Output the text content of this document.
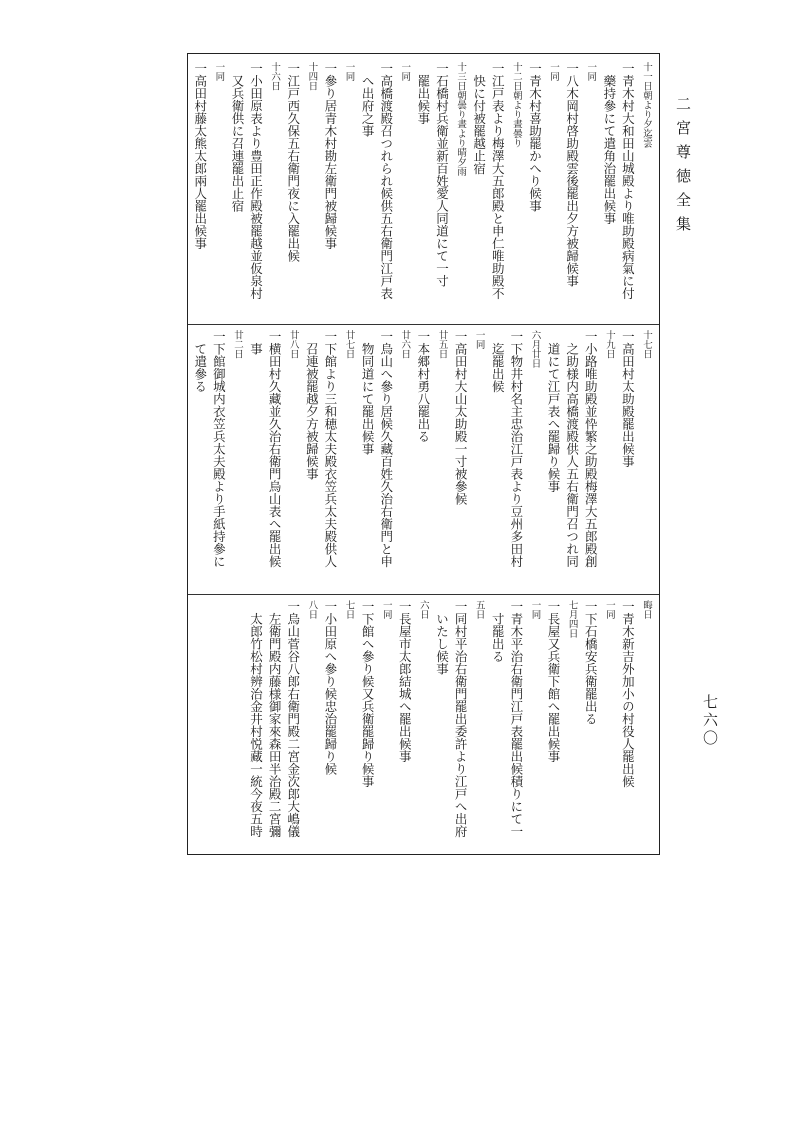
二宮尊徳全集
七六〇
十一日朝より夕迄雲
一青木村大和田山城殿より唯助殿病氣に付
　藥持參にて遣角治罷出候事
一同
一八木岡村啓助殿雲後罷出夕方被歸候事
一同
一青木村喜助罷かへり候事
十二日朝より晝曇り
一江戸表より梅澤大五郎殿と申仁唯助殿不
　快に付被罷越止宿
十三日朝曇り晝より晴夕雨
一石橋村兵衛並新百姓愛人同道にて一寸
　罷出候事
一同
一高橋渡殿召つれられ候供五右衛門江戸表
　へ出府之事
一同
一參り居青木村勘左衛門被歸候事
十四日
一江戸西久保五右衛門夜に入罷出候
十六日
一小田原表より豊田正作殿被罷越並仮泉村
　又兵衛供に召連罷出止宿
一同
一高田村藤太熊太郎兩人罷出候事
十七日
一高田村太助殿罷出候事
十九日
一小路唯助殿並忰繁之助殿梅澤大五郎殿創
　之助様内高橋渡殿供人五右衛門召つれ同
　道にて江戸表へ罷歸り候事
六月廿日
一下物井村名主忠治江戸表より豆州多田村
　迄罷出候
一同
一高田村大山太助殿一寸被參候
廿五日
一本郷村勇八罷出る
廿六日
一烏山へ參り居候久藏百姓久治右衛門と申
　物同道にて罷出候事
廿七日
一下館より三和穂太夫殿衣笠兵太夫殿供人
　召連被罷越夕方被歸候事
廿八日
一横田村久藏並久治右衛門烏山表へ罷出候
　事
廿二日
一下館御城内衣笠兵太夫殿より手紙持參に
　て遣參る
晦日
一青木新吉外加小の村役人罷出候
一同
一下石橋安兵衛罷出る
七月四日
一長屋又兵衛下館へ罷出候事
一同
一青木平治右衛門江戸表罷出候積りにて一
　寸罷出る
五日
一同村平治右衛門罷出委許より江戸へ出府
　いたし候事
六日
一長屋市太郎結城へ罷出候事
一同
一下館へ參り候又兵衛罷歸り候事
七日
一小田原へ參り候忠治罷歸り候
八日
一烏山菅谷八郎右衛門殿二宮金次郎大嶋儀
　左衛門殿内藤様御家來森田半治殿二宮彌
　太郎竹松村辨治金井村悦藏一統今夜五時
